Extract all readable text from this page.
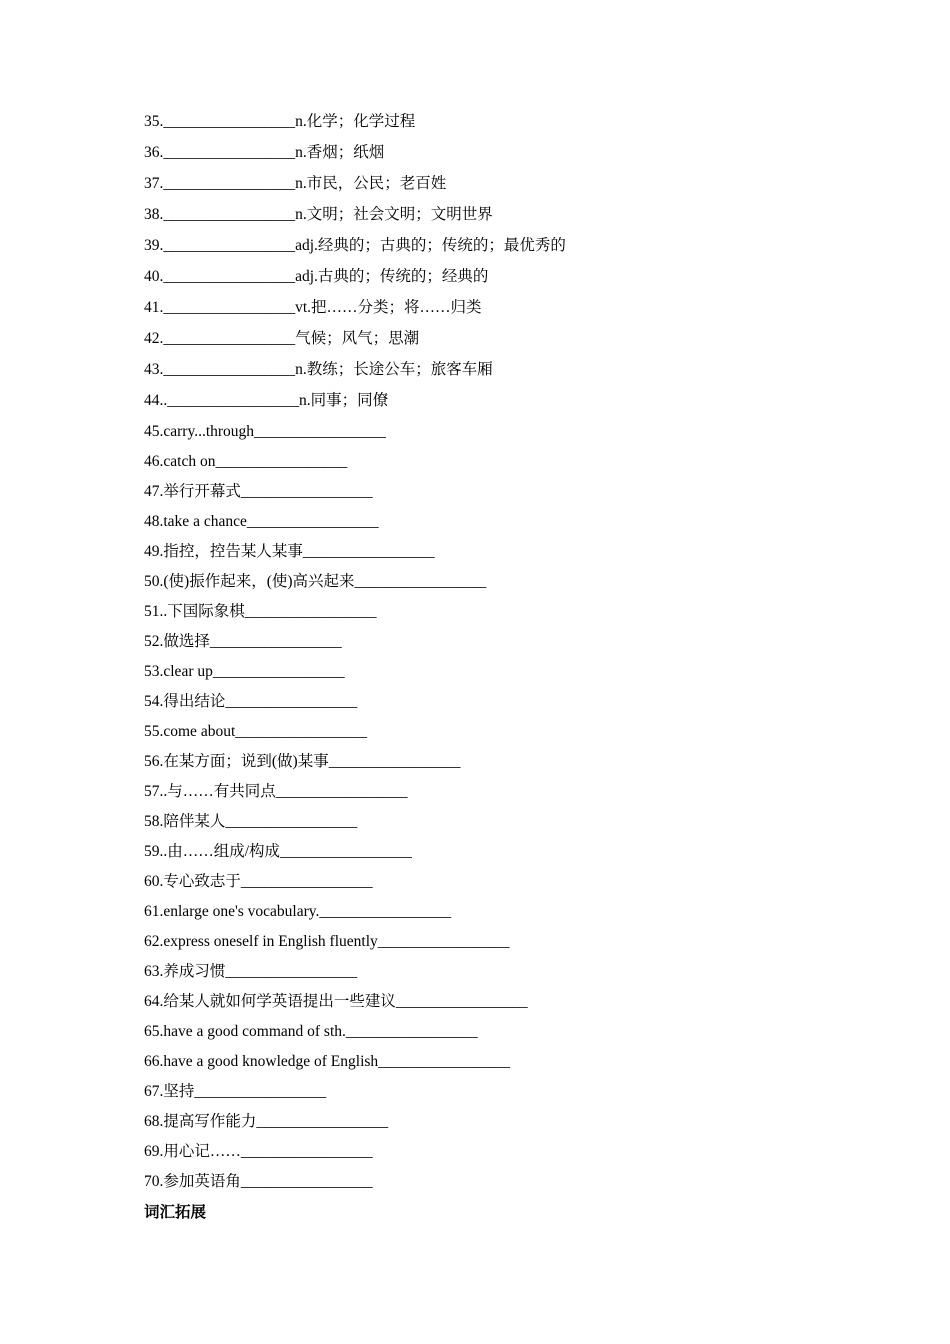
35._________________n.化学；化学过程
36._________________n.香烟；纸烟
37._________________n.市民，公民；老百姓
38._________________n.文明；社会文明；文明世界
39._________________adj.经典的；古典的；传统的；最优秀的
40._________________adj.古典的；传统的；经典的
41._________________vt.把……分类；将……归类
42._________________气候；风气；思潮
43._________________n.教练；长途公车；旅客车厢
44.._________________n.同事；同僚
45.carry...through_________________
46.catch on_________________
47.举行开幕式_________________
48.take a chance_________________
49.指控，控告某人某事_________________
50.(使)振作起来，(使)高兴起来_________________
51..下国际象棋_________________
52.做选择_________________
53.clear up_________________
54.得出结论_________________
55.come about_________________
56.在某方面；说到(做)某事_________________
57..与……有共同点_________________
58.陪伴某人_________________
59..由……组成/构成_________________
60.专心致志于_________________
61.enlarge one's vocabulary._________________
62.express oneself in English fluently_________________
63.养成习惯_________________
64.给某人就如何学英语提出一些建议_________________
65.have a good command of sth._________________
66.have a good knowledge of English_________________
67.坚持_________________
68.提高写作能力_________________
69.用心记……_________________
70.参加英语角_________________
词汇拓展
